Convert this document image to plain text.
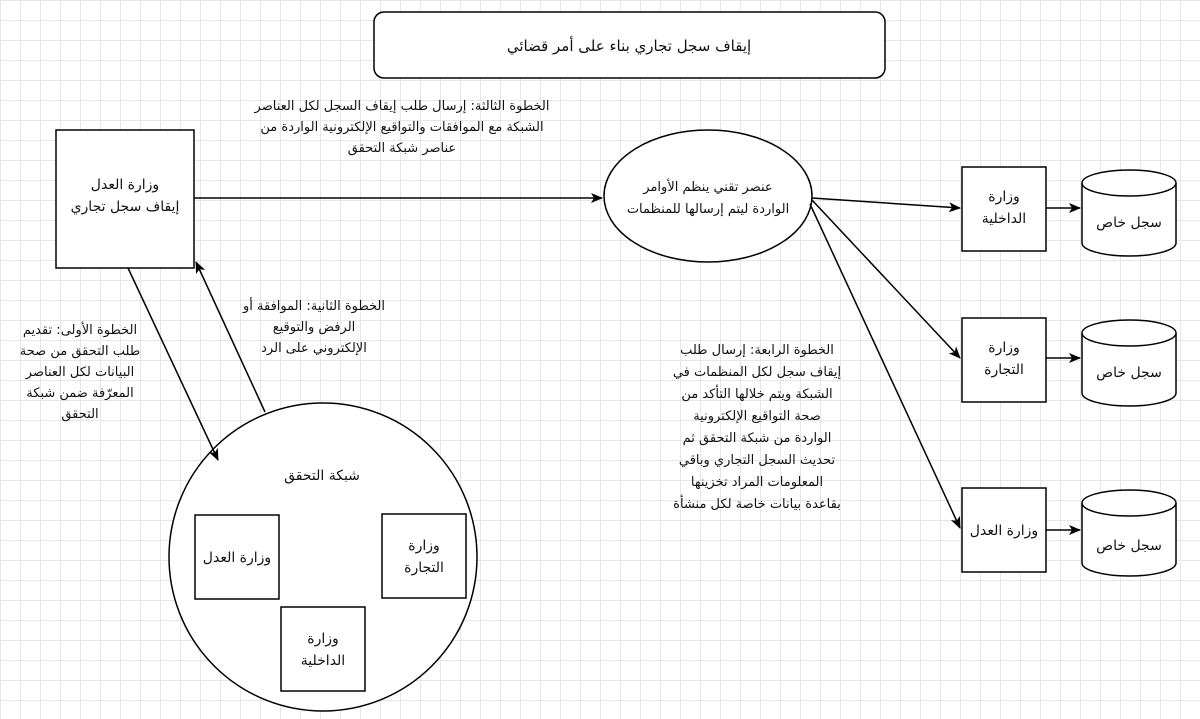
إيقاف سجل تجاري بناء على أمر قضائي
وزارة العدل
إيقاف سجل تجاري
عنصر تقني ينظم الأوامر
الواردة ليتم إرسالها للمنظمات
شبكة التحقق
وزارة العدل
وزارة
التجارة
وزارة
الداخلية
وزارة
الداخلية
وزارة
التجارة
وزارة العدل
سجل خاص
سجل خاص
سجل خاص
الخطوة الأولى: تقديم
طلب التحقق من صحة
البيانات لكل العناصر
المعرّفة ضمن شبكة
التحقق
الخطوة الثانية: الموافقة أو
الرفض والتوقيع
الإلكتروني على الرد
الخطوة الثالثة: إرسال طلب إيقاف السجل لكل العناصر
الشبكة مع الموافقات والتواقيع الإلكترونية الواردة من
عناصر شبكة التحقق
الخطوة الرابعة: إرسال طلب
إيقاف سجل لكل المنظمات في
الشبكة ويتم خلالها التأكد من
صحة التواقيع الإلكترونية
الواردة من شبكة التحقق ثم
تحديث السجل التجاري وباقي
المعلومات المراد تخزينها
بقاعدة بيانات خاصة لكل منشأة
